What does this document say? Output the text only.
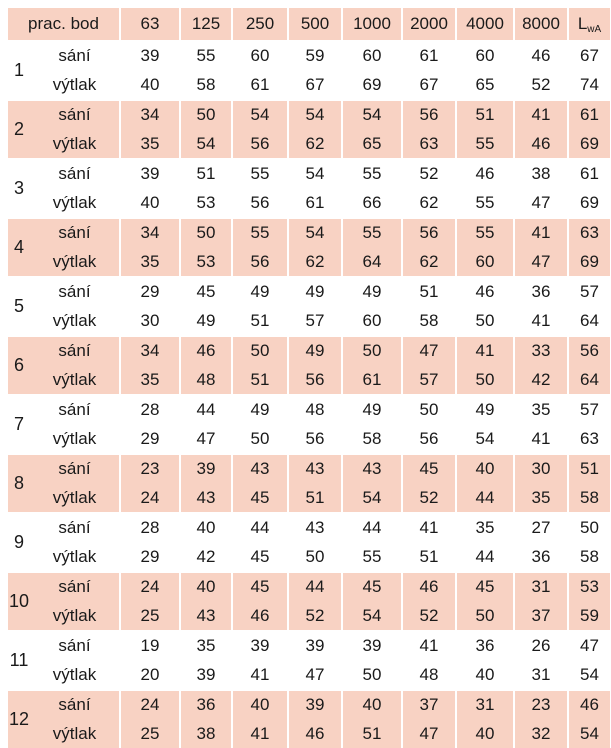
prac. bod		63	125	250	500	1000	2000	4000	8000	LwA
1	sání	39	55	60	59	60	61	60	46	67
	výtlak	40	58	61	67	69	67	65	52	74
2	sání	34	50	54	54	54	56	51	41	61
	výtlak	35	54	56	62	65	63	55	46	69
3	sání	39	51	55	54	55	52	46	38	61
	výtlak	40	53	56	61	66	62	55	47	69
4	sání	34	50	55	54	55	56	55	41	63
	výtlak	35	53	56	62	64	62	60	47	69
5	sání	29	45	49	49	49	51	46	36	57
	výtlak	30	49	51	57	60	58	50	41	64
6	sání	34	46	50	49	50	47	41	33	56
	výtlak	35	48	51	56	61	57	50	42	64
7	sání	28	44	49	48	49	50	49	35	57
	výtlak	29	47	50	56	58	56	54	41	63
8	sání	23	39	43	43	43	45	40	30	51
	výtlak	24	43	45	51	54	52	44	35	58
9	sání	28	40	44	43	44	41	35	27	50
	výtlak	29	42	45	50	55	51	44	36	58
10	sání	24	40	45	44	45	46	45	31	53
	výtlak	25	43	46	52	54	52	50	37	59
11	sání	19	35	39	39	39	41	36	26	47
	výtlak	20	39	41	47	50	48	40	31	54
12	sání	24	36	40	39	40	37	31	23	46
	výtlak	25	38	41	46	51	47	40	32	54
